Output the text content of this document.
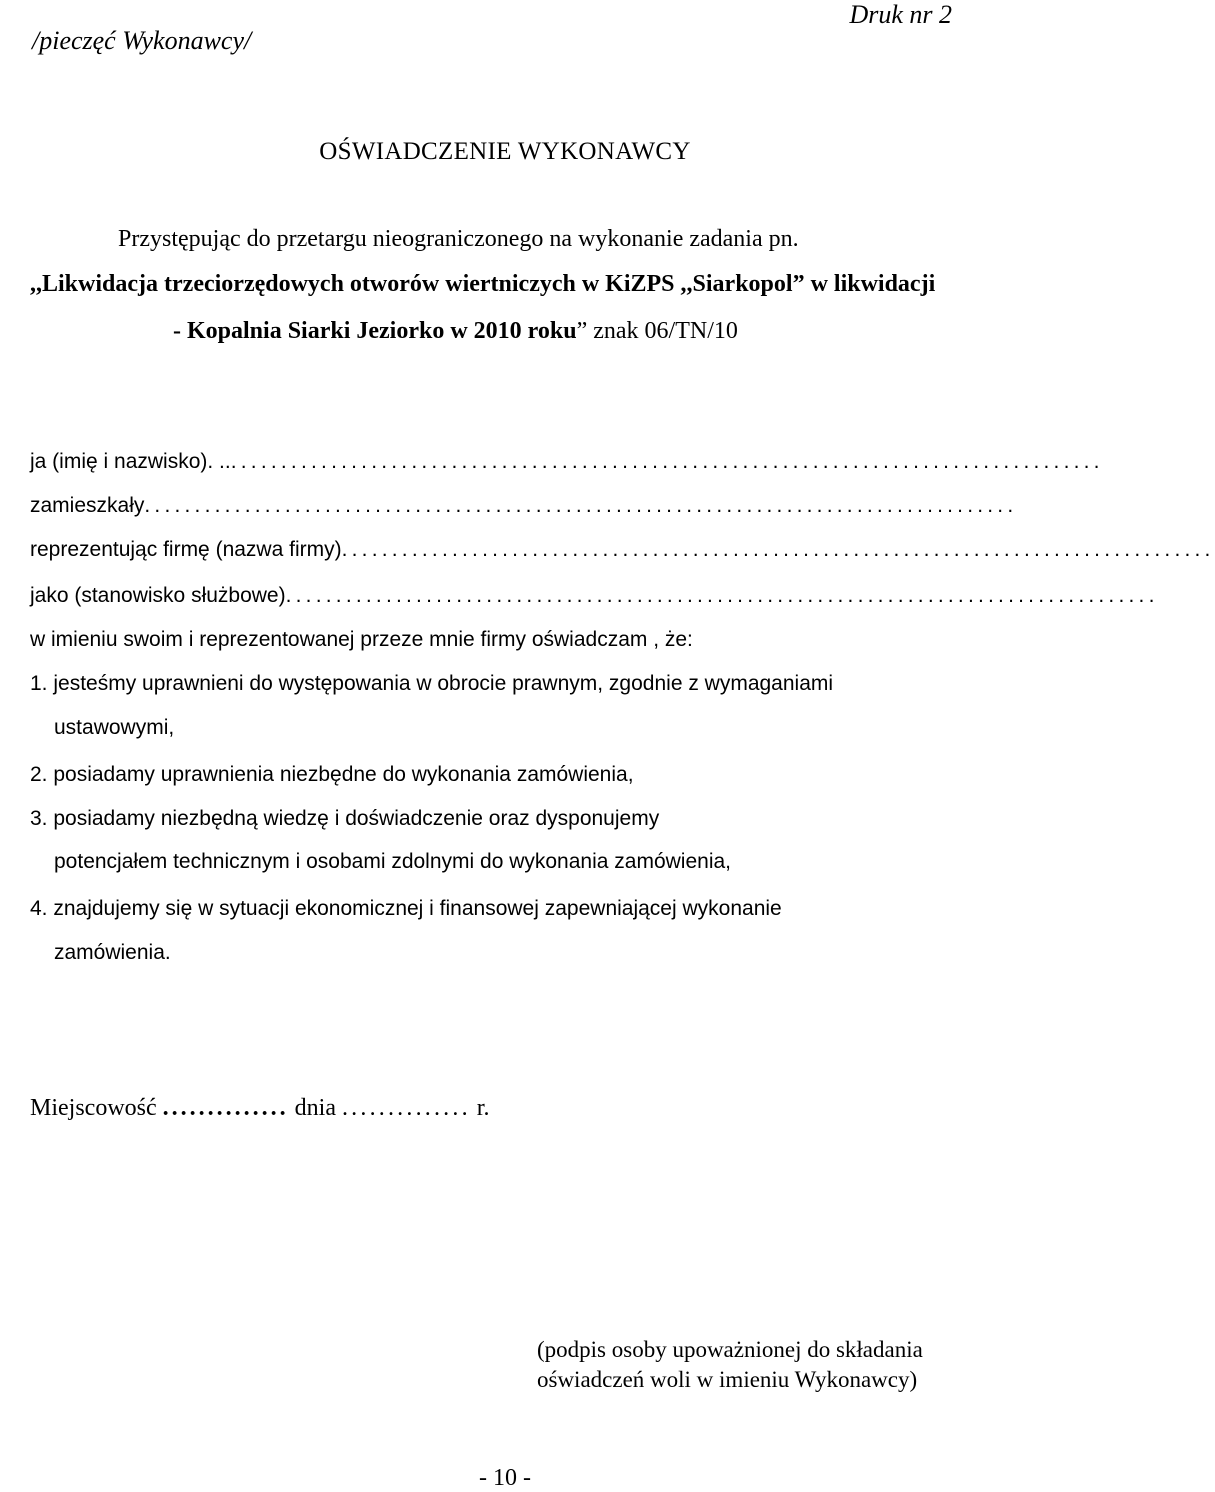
/pieczęć Wykonawcy/
Druk nr 2
OŚWIADCZENIE WYKONAWCY
Przystępując do przetargu nieograniczonego na wykonanie zadania pn.
,,Likwidacja trzeciorzędowych otworów wiertniczych w KiZPS ,,Siarkopol” w likwidacji
- Kopalnia Siarki Jeziorko w 2010 roku” znak 06/TN/10
ja (imię i nazwisko). .. .......................................................................................
zamieszkały .......................................................................................
reprezentując firmę (nazwa firmy) .......................................................................................
jako (stanowisko służbowe) .......................................................................................
w imieniu swoim i reprezentowanej przeze mnie firmy oświadczam , że:
1. jesteśmy uprawnieni do występowania w obrocie prawnym, zgodnie z wymaganiami
ustawowymi,
2. posiadamy uprawnienia niezbędne do wykonania zamówienia,
3. posiadamy niezbędną wiedzę i doświadczenie oraz dysponujemy
potencjałem technicznym i osobami zdolnymi do wykonania zamówienia,
4. znajdujemy się w sytuacji ekonomicznej i finansowej zapewniającej wykonanie
zamówienia.
Miejscowość .............. dnia .............. r.
(podpis osoby upoważnionej do składania
oświadczeń woli w imieniu Wykonawcy)
- 10 -
